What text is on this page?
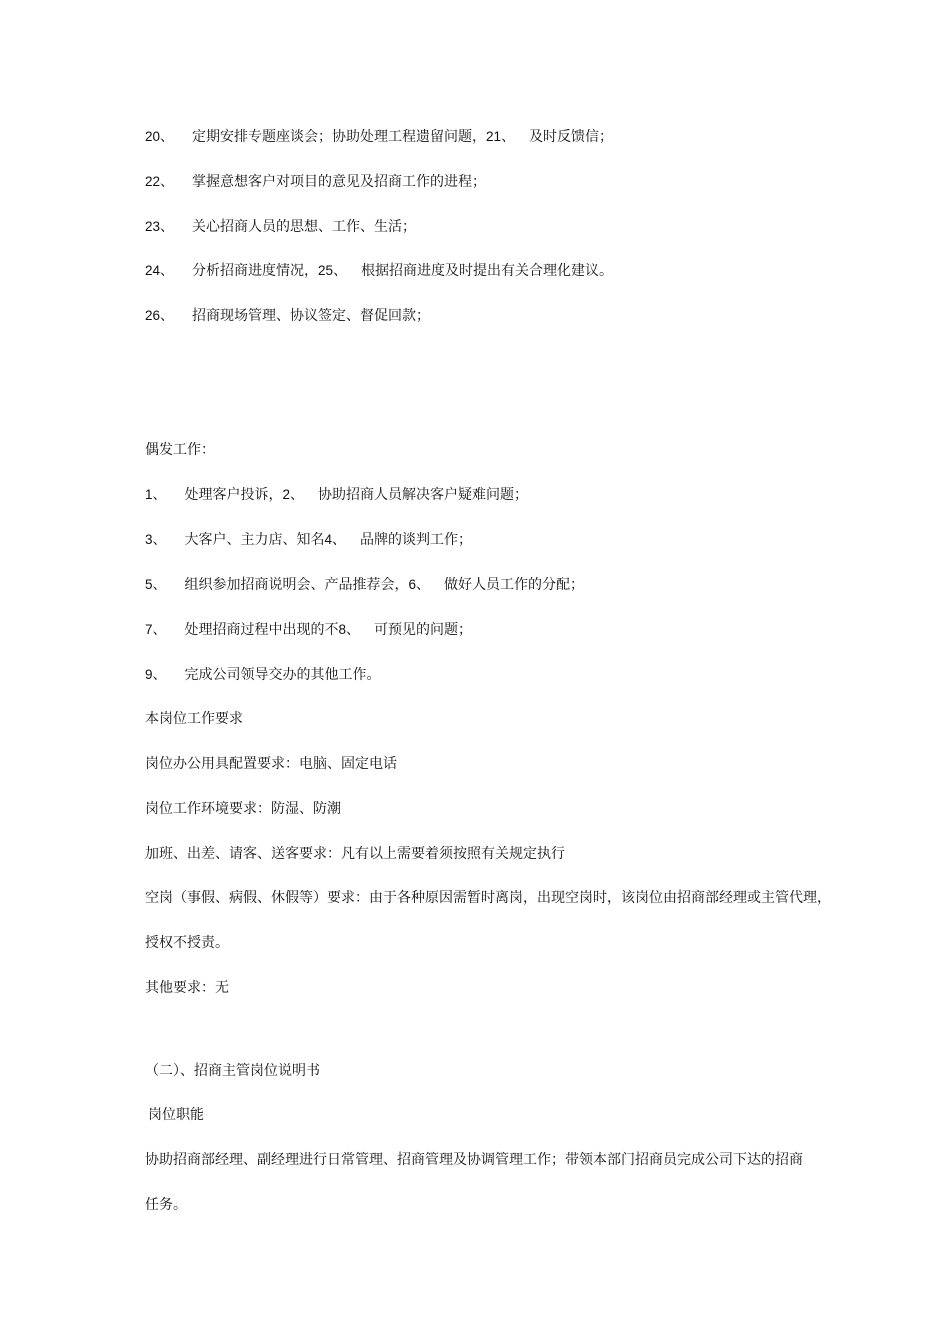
20、 定期安排专题座谈会；协助处理工程遗留问题，21、 及时反馈信；
22、 掌握意想客户对项目的意见及招商工作的进程；
23、 关心招商人员的思想、工作、生活；
24、 分析招商进度情况，25、 根据招商进度及时提出有关合理化建议。
26、 招商现场管理、协议签定、督促回款；
偶发工作：
1、 处理客户投诉，2、 协助招商人员解决客户疑难问题；
3、 大客户、主力店、知名4、 品牌的谈判工作；
5、 组织参加招商说明会、产品推荐会，6、 做好人员工作的分配；
7、 处理招商过程中出现的不8、 可预见的问题；
9、 完成公司领导交办的其他工作。
本岗位工作要求
岗位办公用具配置要求：电脑、固定电话
岗位工作环境要求：防湿、防潮
加班、出差、请客、送客要求：凡有以上需要着须按照有关规定执行
空岗（事假、病假、休假等）要求：由于各种原因需暂时离岗，出现空岗时，该岗位由招商部经理或主管代理，
授权不授责。
其他要求：无
（二）、招商主管岗位说明书
岗位职能
协助招商部经理、副经理进行日常管理、招商管理及协调管理工作；带领本部门招商员完成公司下达的招商
任务。
